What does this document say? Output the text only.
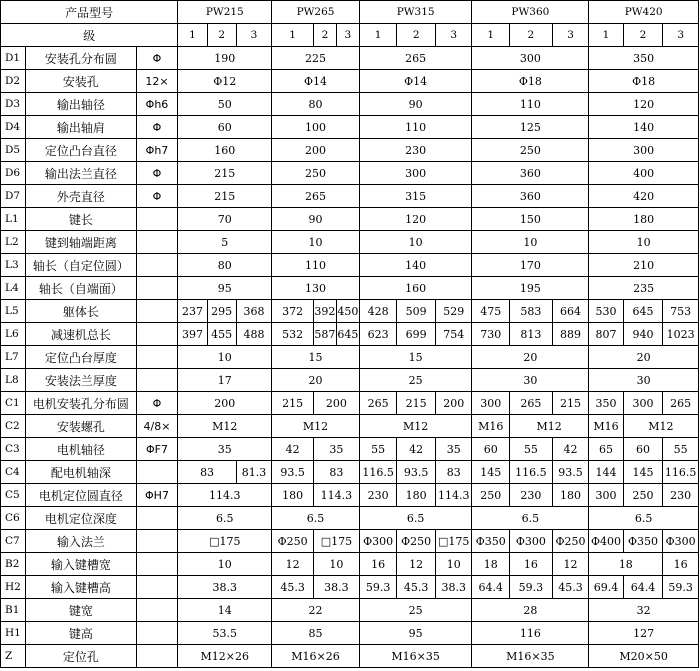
产品型号			PW215			PW265			PW315			PW360			PW420		
级			1	2	3	1	2	3	1	2	3	1	2	3	1	2	3
D1	安装孔分布圆	Φ	190			225			265			300			350		
D2	安装孔	12×	Φ12			Φ14			Φ14			Φ18			Φ18		
D3	输出轴径	Φh6	50			80			90			110			120		
D4	输出轴肩	Φ	60			100			110			125			140		
D5	定位凸台直径	Φh7	160			200			230			250			300		
D6	输出法兰直径	Φ	215			250			300			360			400		
D7	外壳直径	Φ	215			265			315			360			420		
L1	键长		70			90			120			150			180		
L2	键到轴端距离		5			10			10			10			10		
L3	轴长（自定位圆）		80			110			140			170			210		
L4	轴长（自端面）		95			130			160			195			235		
L5	躯体长		237	295	368	372	392	450	428	509	529	475	583	664	530	645	753
L6	减速机总长		397	455	488	532	587	645	623	699	754	730	813	889	807	940	1023
L7	定位凸台厚度		10			15			15			20			20		
L8	安装法兰厚度		17			20			25			30			30		
C1	电机安装孔分布圆	Φ	200			215	200		265	215	200	300	265	215	350	300	265
C2	安装螺孔	4/8×	M12			M12			M12			M16	M12		M16	M12	
C3	电机轴径	ΦF7	35			42	35		55	42	35	60	55	42	65	60	55
C4	配电机轴深		83		81.3	93.5	83		116.5	93.5	83	145	116.5	93.5	144	145	116.5
C5	电机定位圆直径	ΦH7	114.3			180	114.3		230	180	114.3	250	230	180	300	250	230
C6	电机定位深度		6.5			6.5			6.5			6.5			6.5		
C7	输入法兰		□175			Φ250	□175		Φ300	Φ250	□175	Φ350	Φ300	Φ250	Φ400	Φ350	Φ300
B2	输入键槽宽		10			12	10		16	12	10	18	16	12	18		16
H2	输入键槽高		38.3			45.3	38.3		59.3	45.3	38.3	64.4	59.3	45.3	69.4	64.4	59.3
B1	键宽		14			22			25			28			32		
H1	键高		53.5			85			95			116			127		
Z	定位孔		M12×26			M16×26			M16×35			M16×35			M20×50		
